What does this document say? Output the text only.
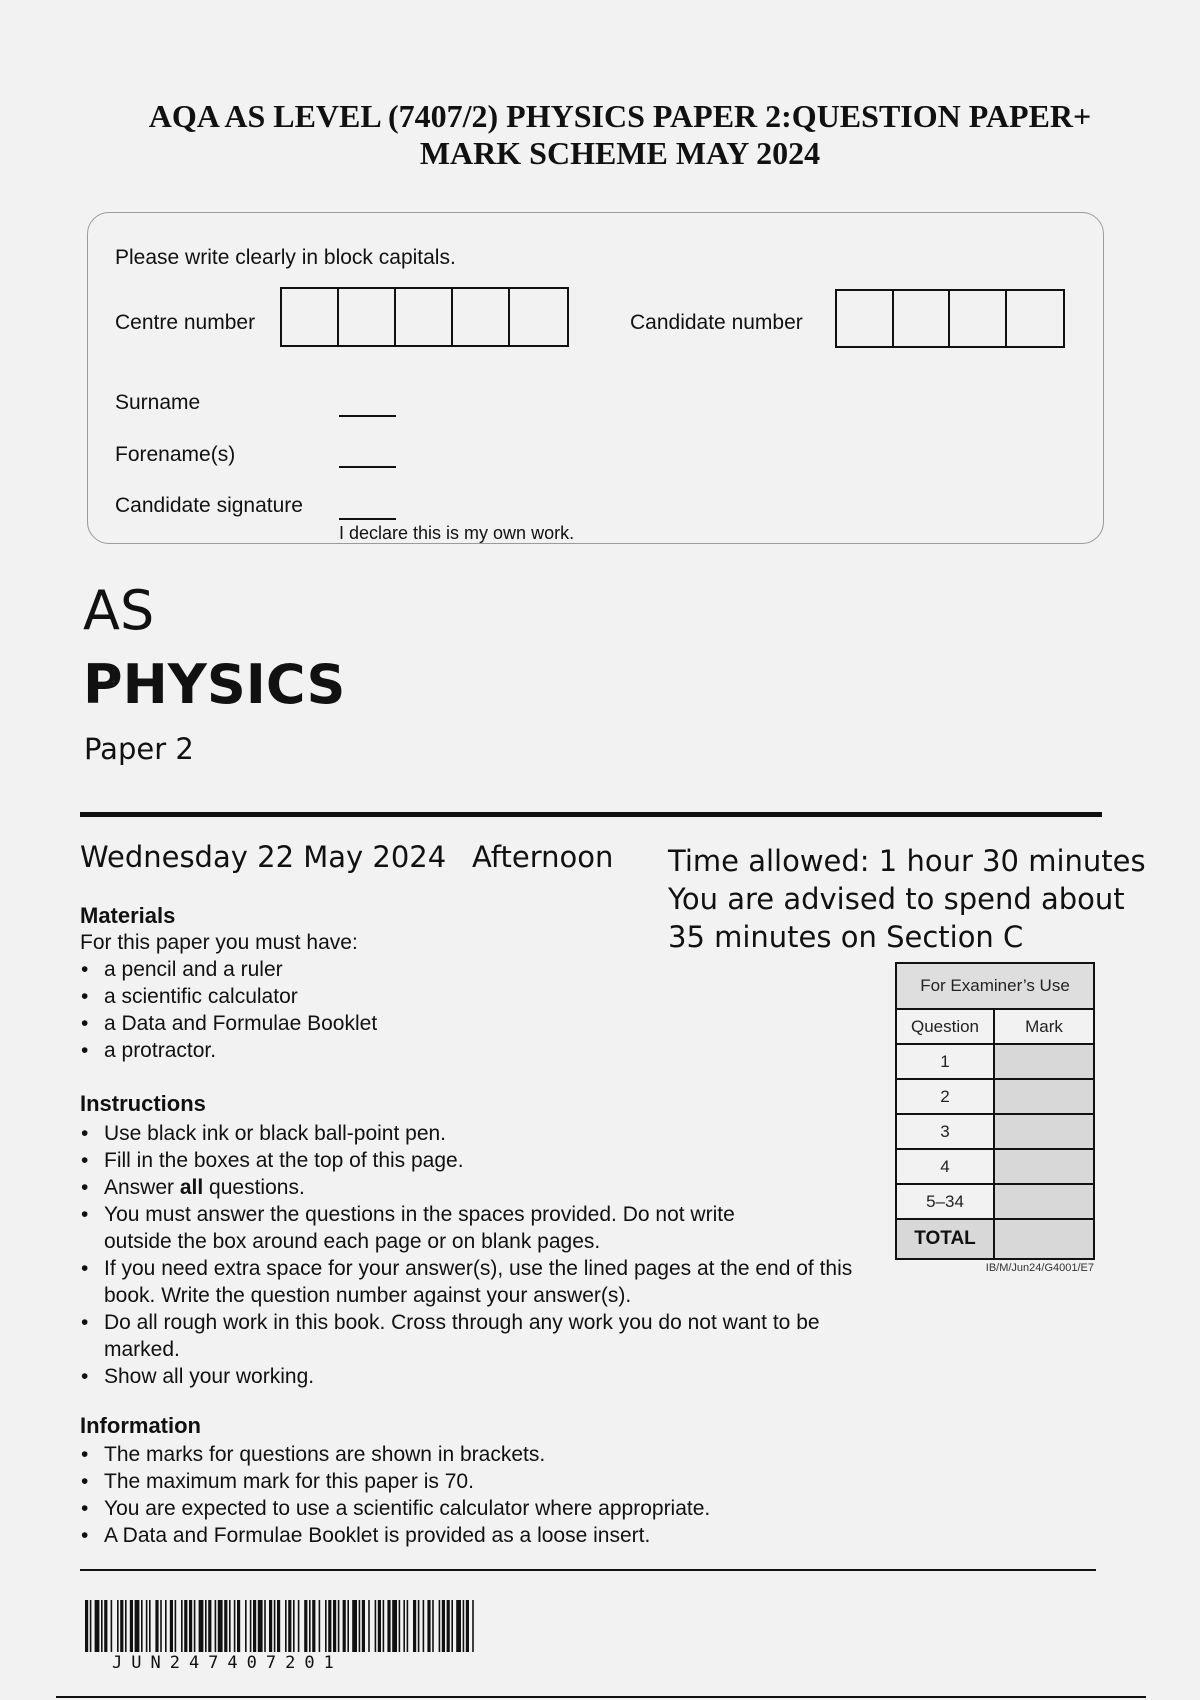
AQA AS LEVEL (7407/2) PHYSICS PAPER 2:QUESTION PAPER+ MARK SCHEME MAY 2024
Please write clearly in block capitals.
Centre number	Candidate number
Surname
Forename(s)
Candidate signature
I declare this is my own work.
AS
PHYSICS
Paper 2
Wednesday 22 May 2024 Afternoon Time allowed: 1 hour 30 minutes
You are advised to spend about
35 minutes on Section C
Materials
For this paper you must have:
• a pencil and a ruler
• a scientific calculator
• a Data and Formulae Booklet
• a protractor.
Instructions
• Use black ink or black ball-point pen.
• Fill in the boxes at the top of this page.
• Answer all questions.
• You must answer the questions in the spaces provided. Do not write outside the box around each page or on blank pages.
• If you need extra space for your answer(s), use the lined pages at the end of this book. Write the question number against your answer(s).
• Do all rough work in this book. Cross through any work you do not want to be marked.
• Show all your working.
Information
• The marks for questions are shown in brackets.
• The maximum mark for this paper is 70.
• You are expected to use a scientific calculator where appropriate.
• A Data and Formulae Booklet is provided as a loose insert.
For Examiner’s Use	
Question	Mark
1	
2	
3	
4	
5–34	
TOTAL	
IB/M/Jun24/G4001/E7
JUN247407201
